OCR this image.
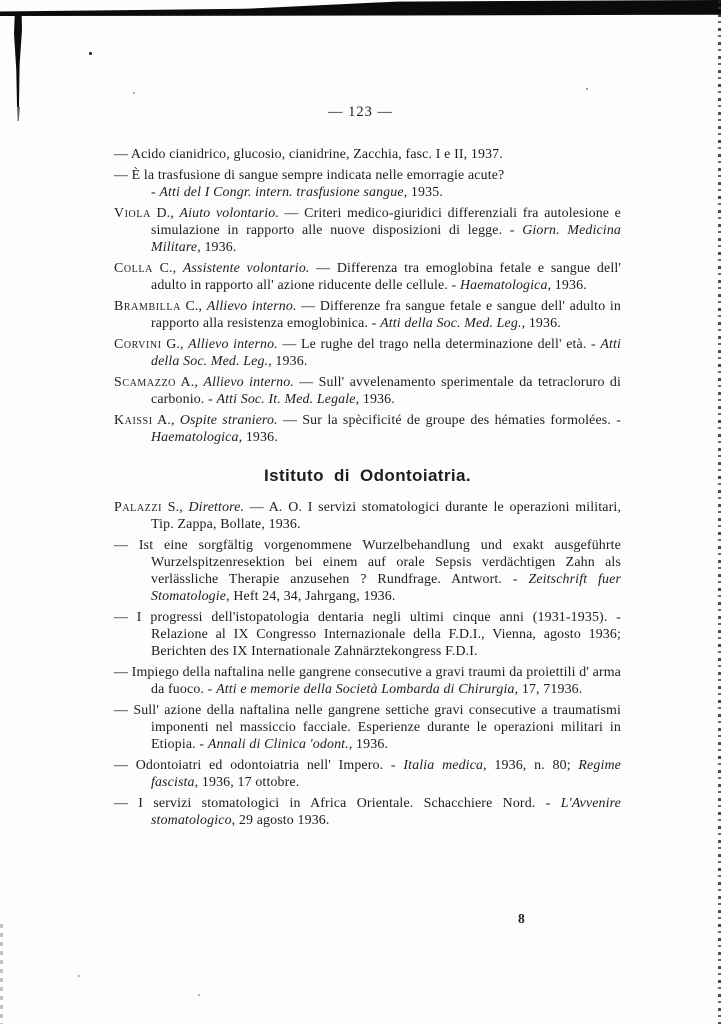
— 123 —

— Acido cianidrico, glucosio, cianidrine, Zacchia, fasc. I e II, 1937.

— È la trasfusione di sangue sempre indicata nelle emorragie acute?
- Atti del I Congr. intern. trasfusione sangue, 1935.

Viola D., Aiuto volontario. — Criteri medico-giuridici differenziali fra autolesione e simulazione in rapporto alle nuove disposizioni di legge. - Giorn. Medicina Militare, 1936.

Colla C., Assistente volontario. — Differenza tra emoglobina fetale e sangue dell' adulto in rapporto all' azione riducente delle cellule. - Haematologica, 1936.

Brambilla C., Allievo interno. — Differenze fra sangue fetale e sangue dell' adulto in rapporto alla resistenza emoglobinica. - Atti della Soc. Med. Leg., 1936.

Corvini G., Allievo interno. — Le rughe del trago nella determinazione dell' età. - Atti della Soc. Med. Leg., 1936.

Scamazzo A., Allievo interno. — Sull' avvelenamento sperimentale da tetracloruro di carbonio. - Atti Soc. It. Med. Legale, 1936.

Kaissi A., Ospite straniero. — Sur la spècificité de groupe des hématies formolées. - Haematologica, 1936.

Istituto di Odontoiatria.

Palazzi S., Direttore. — A. O. I servizi stomatologici durante le operazioni militari, Tip. Zappa, Bollate, 1936.

— Ist eine sorgfältig vorgenommene Wurzelbehandlung und exakt ausgeführte Wurzelspitzenresektion bei einem auf orale Sepsis verdächtigen Zahn als verlässliche Therapie anzusehen ? Rundfrage. Antwort. - Zeitschrift fuer Stomatologie, Heft 24, 34, Jahrgang, 1936.

— I progressi dell'istopatologia dentaria negli ultimi cinque anni (1931-1935). - Relazione al IX Congresso Internazionale della F.D.I., Vienna, agosto 1936; Berichten des IX Internationale Zahnärztekongress F.D.I.

— Impiego della naftalina nelle gangrene consecutive a gravi traumi da proiettili d' arma da fuoco. - Atti e memorie della Società Lombarda di Chirurgia, 17, 71936.

— Sull' azione della naftalina nelle gangrene settiche gravi consecutive a traumatismi imponenti nel massiccio facciale. Esperienze durante le operazioni militari in Etiopia. - Annali di Clinica 'odont., 1936.

— Odontoiatri ed odontoiatria nell' Impero. - Italia medica, 1936, n. 80; Regime fascista, 1936, 17 ottobre.

— I servizi stomatologici in Africa Orientale. Schacchiere Nord. - L'Avvenire stomatologico, 29 agosto 1936.

8
